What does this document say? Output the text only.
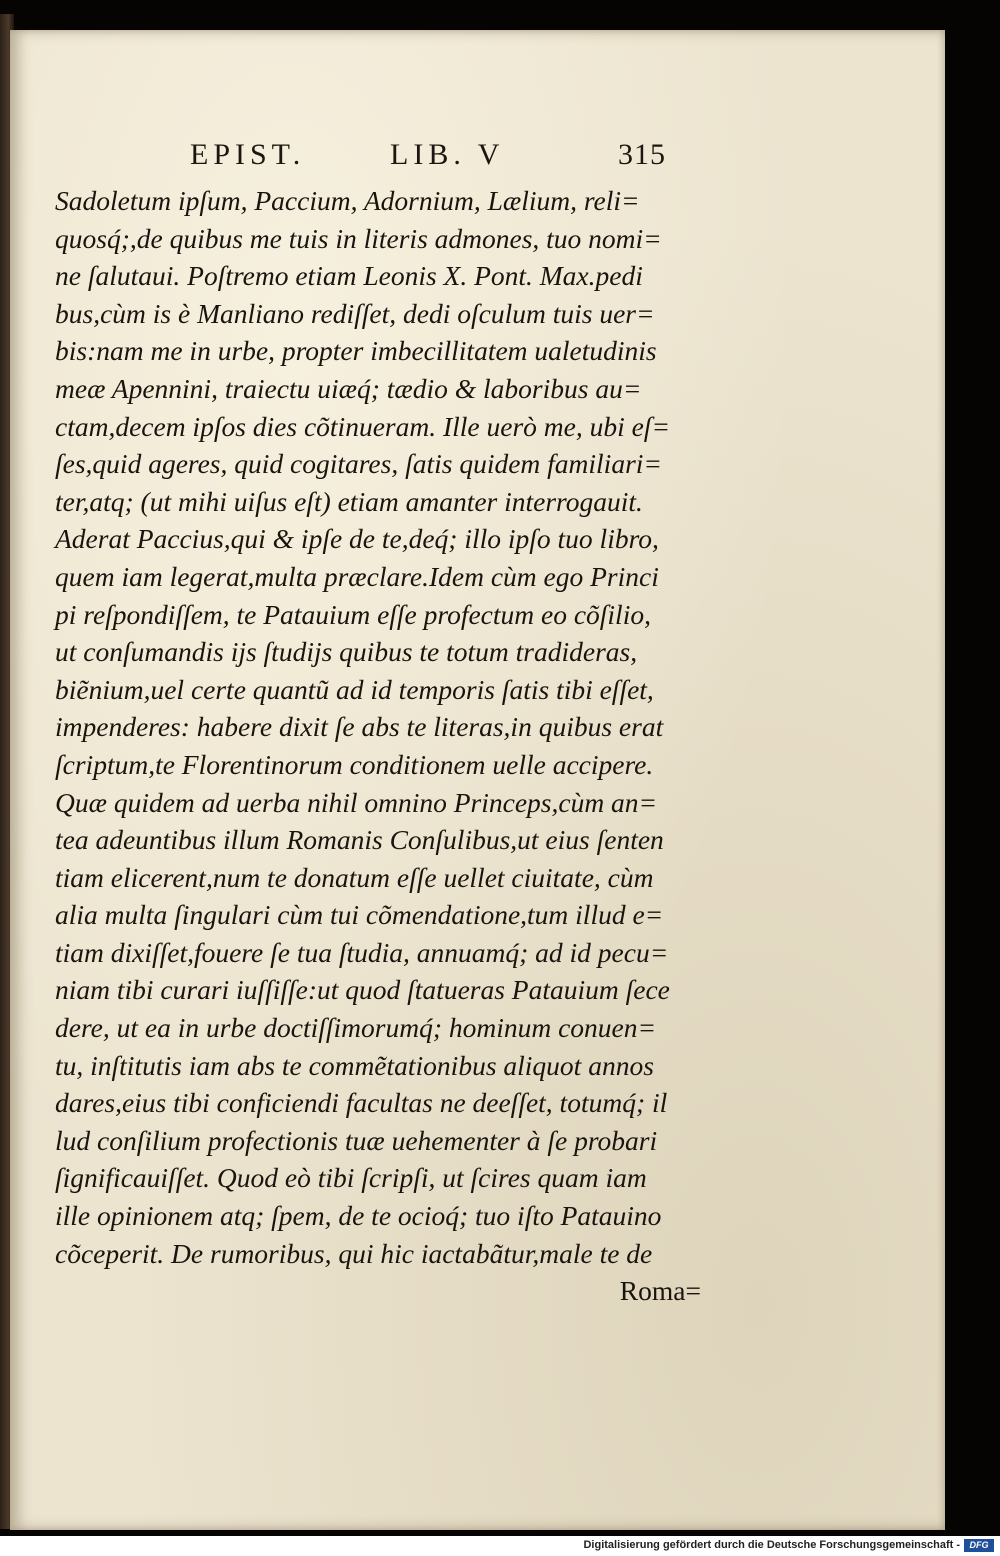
EPIST.	LIB. V	315
Sadoletum ipſum, Paccium, Adornium, Lælium, reli=
quosq́;,de quibus me tuis in literis admones, tuo nomi=
ne ſalutaui. Poſtremo etiam Leonis X. Pont. Max.pedi
bus,cùm is è Manliano rediſſet, dedi oſculum tuis uer=
bis:nam me in urbe, propter imbecillitatem ualetudinis
meæ Apennini, traiectu uiæq́; tædio & laboribus au=
ctam,decem ipſos dies cõtinueram. Ille uerò me, ubi eſ=
ſes,quid ageres, quid cogitares, ſatis quidem familiari=
ter,atq; (ut mihi uiſus eſt) etiam amanter interrogauit.
Aderat Paccius,qui & ipſe de te,deq́; illo ipſo tuo libro,
quem iam legerat,multa præclare.Idem cùm ego Princi
pi reſpondiſſem, te Patauium eſſe profectum eo cõſilio,
ut conſumandis ijs ſtudijs quibus te totum tradideras,
biẽnium,uel certe quantũ ad id temporis ſatis tibi eſſet,
impenderes: habere dixit ſe abs te literas,in quibus erat
ſcriptum,te Florentinorum conditionem uelle accipere.
Quæ quidem ad uerba nihil omnino Princeps,cùm an=
tea adeuntibus illum Romanis Conſulibus,ut eius ſenten
tiam elicerent,num te donatum eſſe uellet ciuitate, cùm
alia multa ſingulari cùm tui cõmendatione,tum illud e=
tiam dixiſſet,fouere ſe tua ſtudia, annuamq́; ad id pecu=
niam tibi curari iuſſiſſe:ut quod ſtatueras Patauium ſece
dere, ut ea in urbe doctiſſimorumq́; hominum conuen=
tu, inſtitutis iam abs te commẽtationibus aliquot annos
dares,eius tibi conficiendi facultas ne deeſſet, totumq́; il
lud conſilium profectionis tuæ uehementer à ſe probari
ſignificauiſſet. Quod eò tibi ſcripſi, ut ſcires quam iam
ille opinionem atq; ſpem, de te ocioq́; tuo iſto Patauino
cõceperit. De rumoribus, qui hic iactabãtur,male te de
Roma=
Digitalisierung gefördert durch die Deutsche Forschungsgemeinschaft -	DFG
